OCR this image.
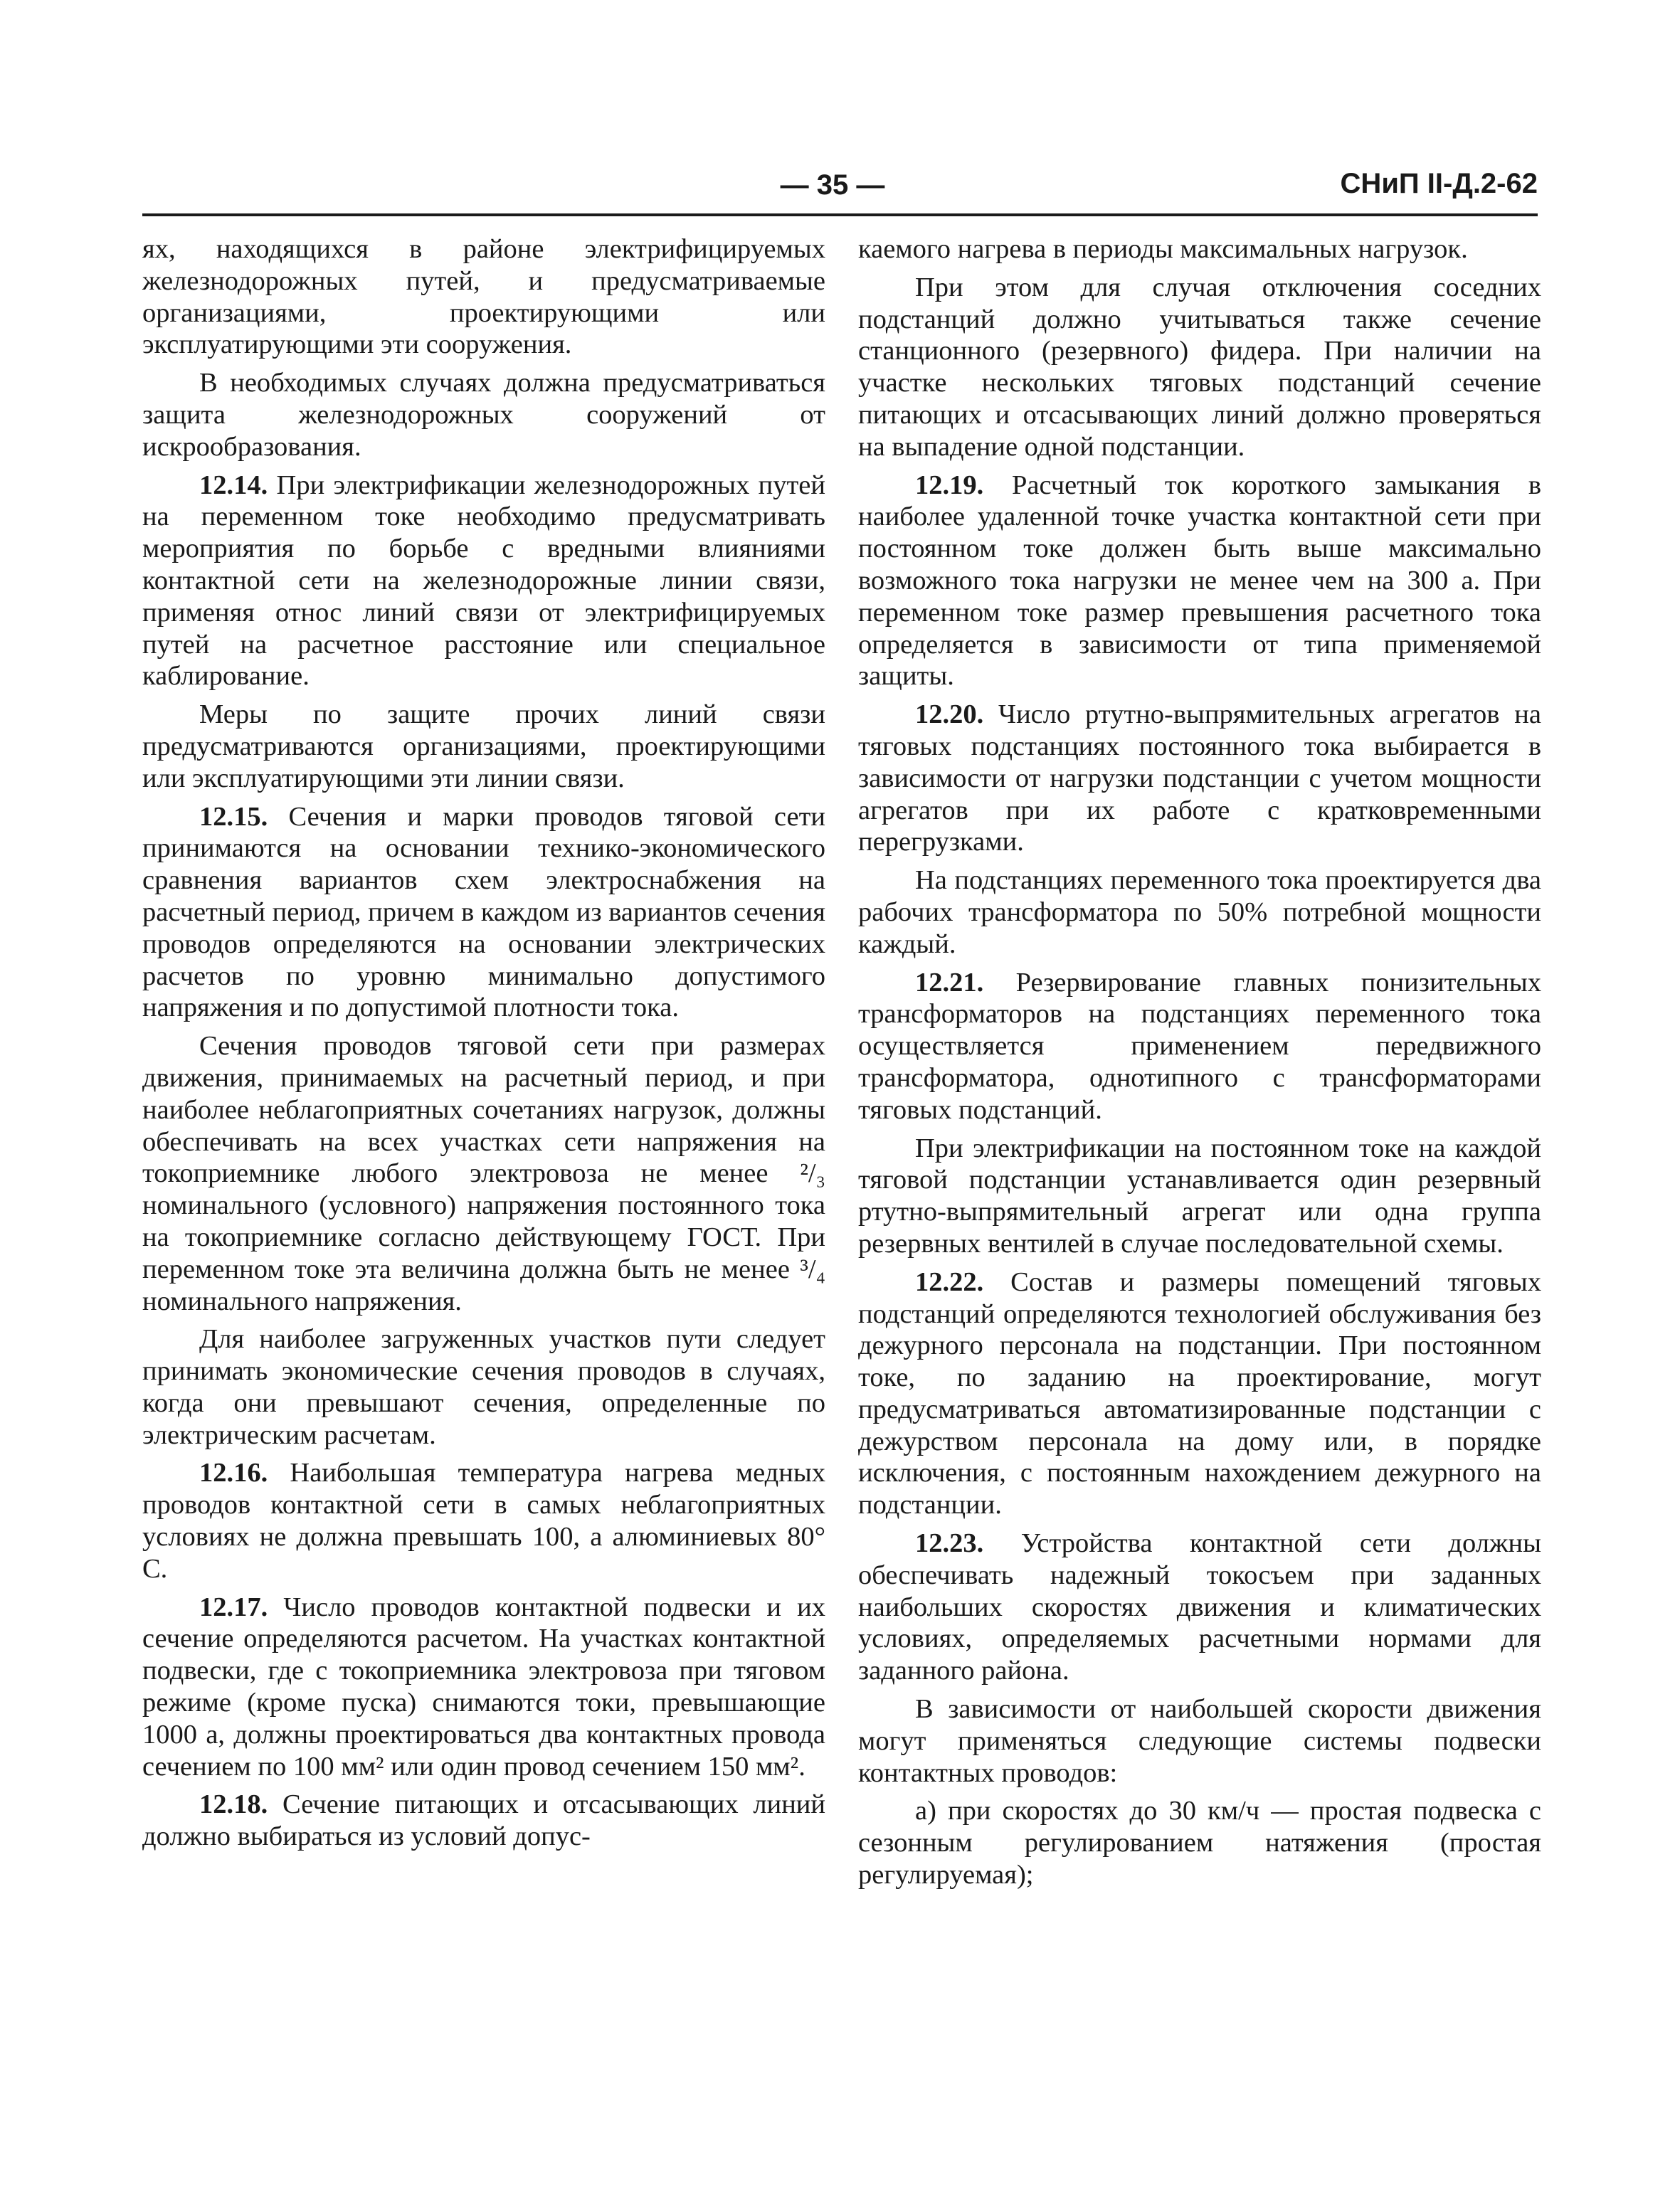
— 35 —	СНиП II-Д.2-62

ях, находящихся в районе электрифицируемых железнодорожных путей, и предусматриваемые организациями, проектирующими или эксплуатирующими эти сооружения.

В необходимых случаях должна предусматриваться защита железнодорожных сооружений от искрообразования.

12.14. При электрификации железнодорожных путей на переменном токе необходимо предусматривать мероприятия по борьбе с вредными влияниями контактной сети на железнодорожные линии связи, применяя относ линий связи от электрифицируемых путей на расчетное расстояние или специальное каблирование.

Меры по защите прочих линий связи предусматриваются организациями, проектирующими или эксплуатирующими эти линии связи.

12.15. Сечения и марки проводов тяговой сети принимаются на основании технико-экономического сравнения вариантов схем электроснабжения на расчетный период, причем в каждом из вариантов сечения проводов определяются на основании электрических расчетов по уровню минимально допустимого напряжения и по допустимой плотности тока.

Сечения проводов тяговой сети при размерах движения, принимаемых на расчетный период, и при наиболее неблагоприятных сочетаниях нагрузок, должны обеспечивать на всех участках сети напряжения на токоприемнике любого электровоза не менее ²/₃ номинального (условного) напряжения постоянного тока на токоприемнике согласно действующему ГОСТ. При переменном токе эта величина должна быть не менее ³/₄ номинального напряжения.

Для наиболее загруженных участков пути следует принимать экономические сечения проводов в случаях, когда они превышают сечения, определенные по электрическим расчетам.

12.16. Наибольшая температура нагрева медных проводов контактной сети в самых неблагоприятных условиях не должна превышать 100, а алюминиевых 80° С.

12.17. Число проводов контактной подвески и их сечение определяются расчетом. На участках контактной подвески, где с токоприемника электровоза при тяговом режиме (кроме пуска) снимаются токи, превышающие 1000 а, должны проектироваться два контактных провода сечением по 100 мм² или один провод сечением 150 мм².

12.18. Сечение питающих и отсасывающих линий должно выбираться из условий допус-

каемого нагрева в периоды максимальных нагрузок.

При этом для случая отключения соседних подстанций должно учитываться также сечение станционного (резервного) фидера. При наличии на участке нескольких тяговых подстанций сечение питающих и отсасывающих линий должно проверяться на выпадение одной подстанции.

12.19. Расчетный ток короткого замыкания в наиболее удаленной точке участка контактной сети при постоянном токе должен быть выше максимально возможного тока нагрузки не менее чем на 300 а. При переменном токе размер превышения расчетного тока определяется в зависимости от типа применяемой защиты.

12.20. Число ртутно-выпрямительных агрегатов на тяговых подстанциях постоянного тока выбирается в зависимости от нагрузки подстанции с учетом мощности агрегатов при их работе с кратковременными перегрузками.

На подстанциях переменного тока проектируется два рабочих трансформатора по 50% потребной мощности каждый.

12.21. Резервирование главных понизительных трансформаторов на подстанциях переменного тока осуществляется применением передвижного трансформатора, однотипного с трансформаторами тяговых подстанций.

При электрификации на постоянном токе на каждой тяговой подстанции устанавливается один резервный ртутно-выпрямительный агрегат или одна группа резервных вентилей в случае последовательной схемы.

12.22. Состав и размеры помещений тяговых подстанций определяются технологией обслуживания без дежурного персонала на подстанции. При постоянном токе, по заданию на проектирование, могут предусматриваться автоматизированные подстанции с дежурством персонала на дому или, в порядке исключения, с постоянным нахождением дежурного на подстанции.

12.23. Устройства контактной сети должны обеспечивать надежный токосъем при заданных наибольших скоростях движения и климатических условиях, определяемых расчетными нормами для заданного района.

В зависимости от наибольшей скорости движения могут применяться следующие системы подвески контактных проводов:

а) при скоростях до 30 км/ч — простая подвеска с сезонным регулированием натяжения (простая регулируемая);
